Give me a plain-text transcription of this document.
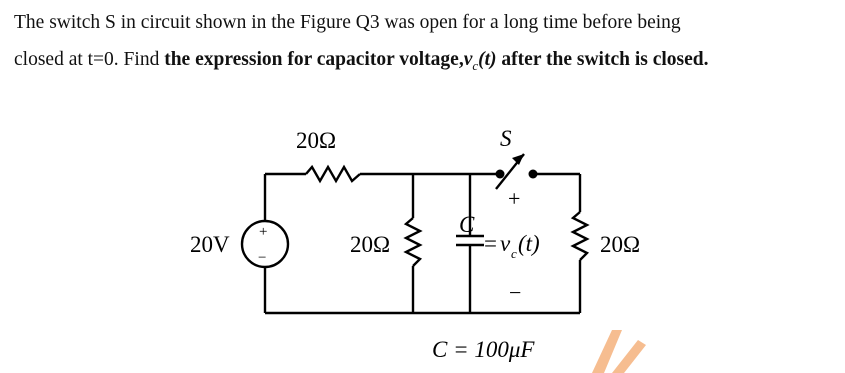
The switch S in circuit shown in the Figure Q3 was open for a long time before being
closed at t=0. Find the expression for capacitor $voltage,v_c(t)$ after the switch is closed.
20Ω	S
20V +
−
20Ω
C
+
= v c (t)
−
20Ω
C = 100μF
